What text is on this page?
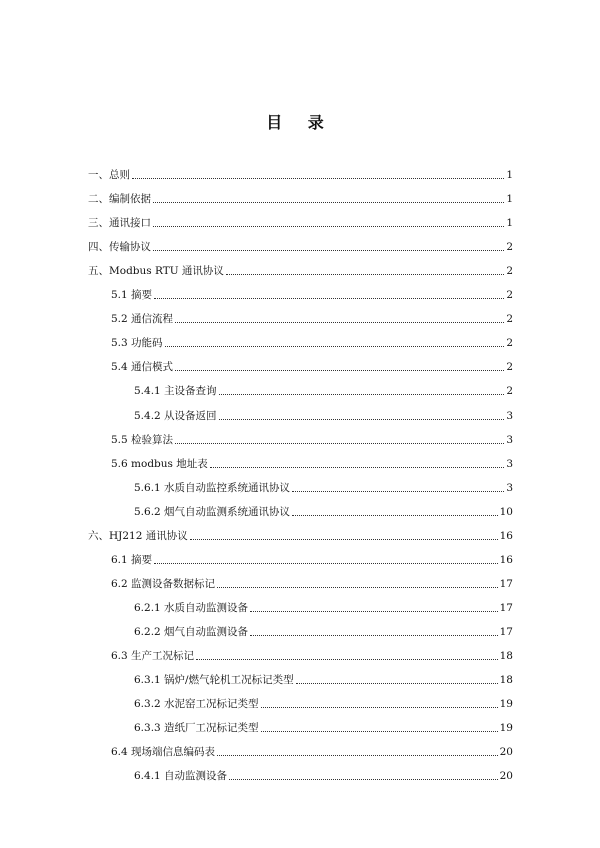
目 录
一、总则	1
二、编制依据	1
三、通讯接口	1
四、传输协议	2
五、Modbus RTU 通讯协议	2
5.1 摘要	2
5.2 通信流程	2
5.3 功能码	2
5.4 通信模式	2
5.4.1 主设备查询	2
5.4.2 从设备返回	3
5.5 检验算法	3
5.6 modbus 地址表	3
5.6.1 水质自动监控系统通讯协议	3
5.6.2 烟气自动监测系统通讯协议	10
六、HJ212 通讯协议	16
6.1 摘要	16
6.2 监测设备数据标记	17
6.2.1 水质自动监测设备	17
6.2.2 烟气自动监测设备	17
6.3 生产工况标记	18
6.3.1 锅炉/燃气轮机工况标记类型	18
6.3.2 水泥窑工况标记类型	19
6.3.3 造纸厂工况标记类型	19
6.4 现场端信息编码表	20
6.4.1 自动监测设备	20
